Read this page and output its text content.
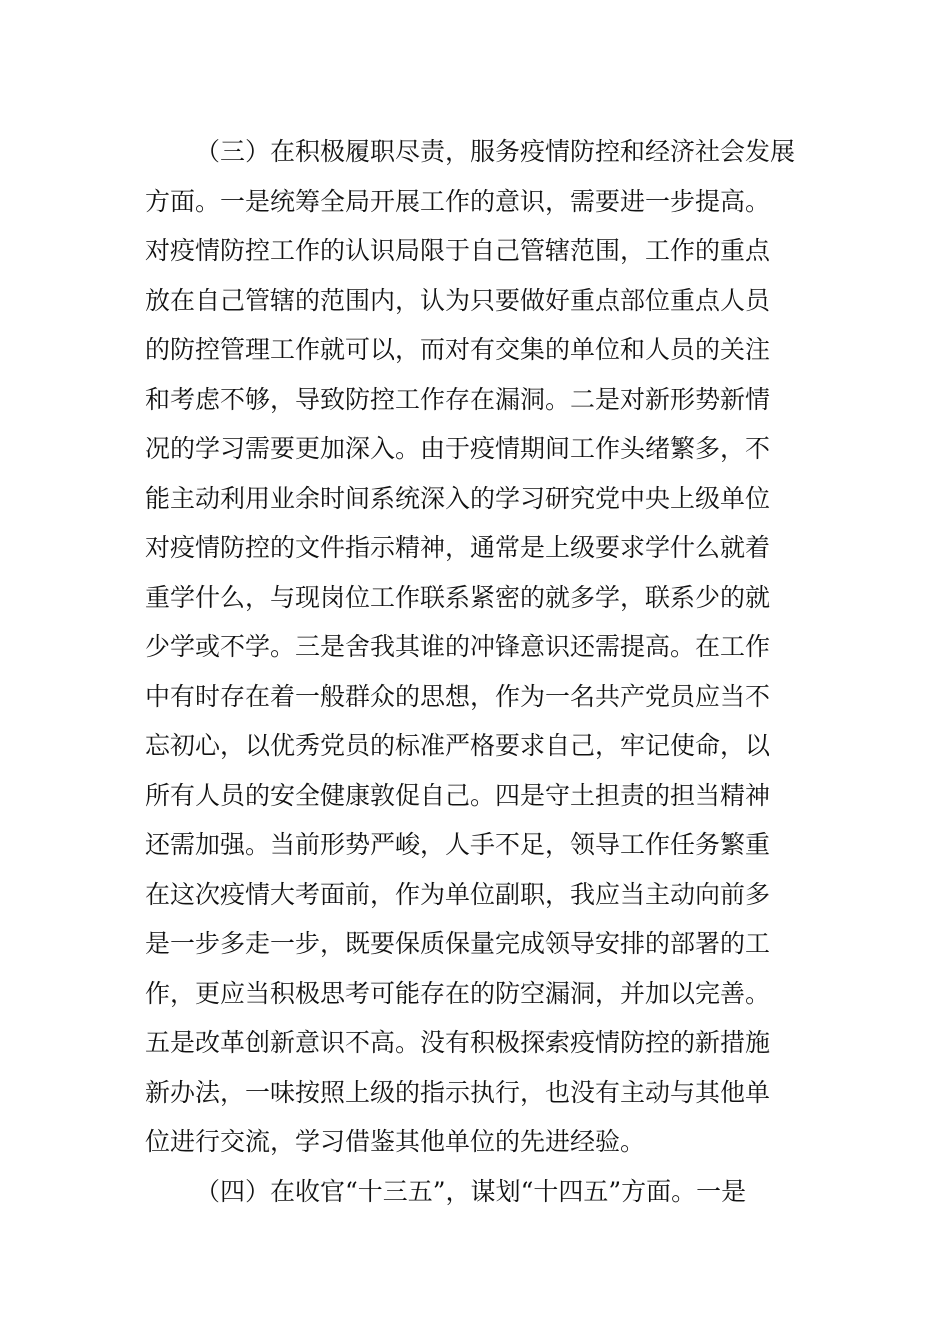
（三）在积极履职尽责，服务疫情防控和经济社会发展
方面。一是统筹全局开展工作的意识，需要进一步提高。
对疫情防控工作的认识局限于自己管辖范围，工作的重点
放在自己管辖的范围内，认为只要做好重点部位重点人员
的防控管理工作就可以，而对有交集的单位和人员的关注
和考虑不够，导致防控工作存在漏洞。二是对新形势新情
况的学习需要更加深入。由于疫情期间工作头绪繁多，不
能主动利用业余时间系统深入的学习研究党中央上级单位
对疫情防控的文件指示精神，通常是上级要求学什么就着
重学什么，与现岗位工作联系紧密的就多学，联系少的就
少学或不学。三是舍我其谁的冲锋意识还需提高。在工作
中有时存在着一般群众的思想，作为一名共产党员应当不
忘初心，以优秀党员的标准严格要求自己，牢记使命，以
所有人员的安全健康敦促自己。四是守土担责的担当精神
还需加强。当前形势严峻，人手不足，领导工作任务繁重
在这次疫情大考面前，作为单位副职，我应当主动向前多
是一步多走一步，既要保质保量完成领导安排的部署的工
作，更应当积极思考可能存在的防空漏洞，并加以完善。
五是改革创新意识不高。没有积极探索疫情防控的新措施
新办法，一味按照上级的指示执行，也没有主动与其他单
位进行交流，学习借鉴其他单位的先进经验。
（四）在收官“十三五”，谋划“十四五”方面。一是
